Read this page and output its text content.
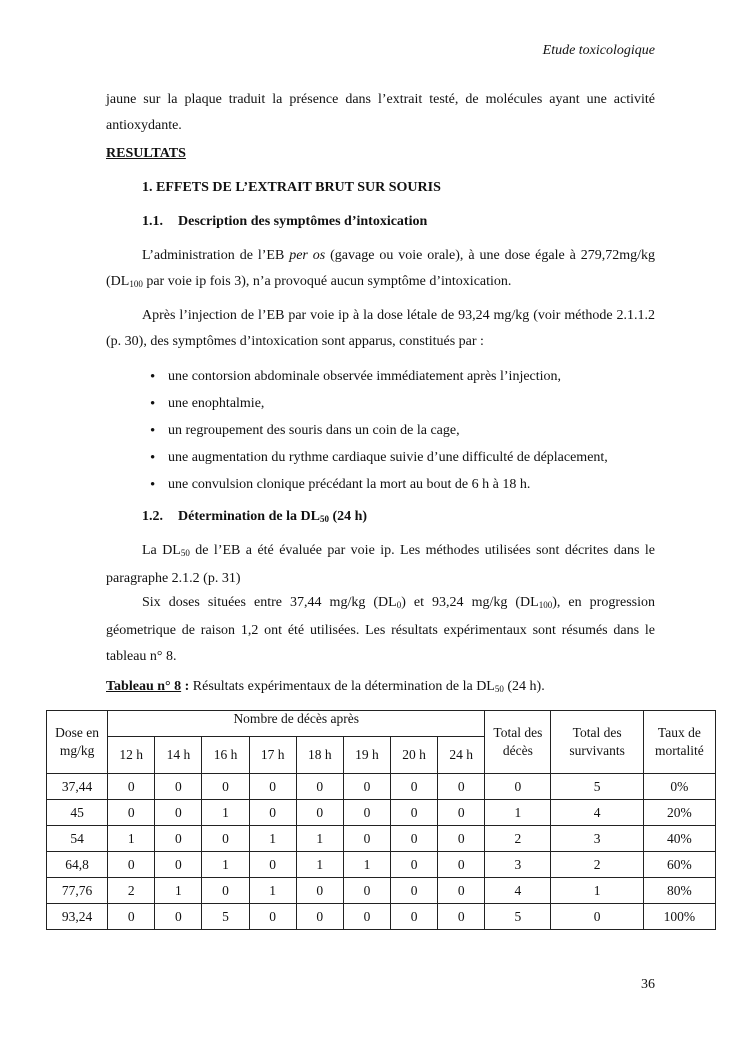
Etude toxicologique
jaune sur la plaque traduit la présence dans l’extrait testé, de molécules ayant une activité antioxydante.
RESULTATS
1. EFFETS DE L’EXTRAIT BRUT SUR SOURIS
1.1. Description des symptômes d’intoxication
L’administration de l’EB per os (gavage ou voie orale), à une dose égale à 279,72mg/kg ($DL_{100}$ par voie ip fois 3), n’a provoqué aucun symptôme d’intoxication.
Après l’injection de l’EB par voie ip à la dose létale de 93,24 mg/kg (voir méthode 2.1.1.2 (p. 30), des symptômes d’intoxication sont apparus, constitués par :
• une contorsion abdominale observée immédiatement après l’injection,
• une enophtalmie,
• un regroupement des souris dans un coin de la cage,
• une augmentation du rythme cardiaque suivie d’une difficulté de déplacement,
• une convulsion clonique précédant la mort au bout de 6 h à 18 h.
1.2. Détermination de la $DL_{50}$ (24 h)
La $DL_{50}$ de l’EB a été évaluée par voie ip. Les méthodes utilisées sont décrites dans le paragraphe 2.1.2 (p. 31)
Six doses situées entre 37,44 mg/kg $(DL_0)$ et 93,24 mg/kg $(DL_{100})$, en progression géometrique de raison 1,2 ont été utilisées. Les résultats expérimentaux sont résumés dans le tableau n° 8.
Tableau n° 8 : Résultats expérimentaux de la détermination de la $DL_{50}$ (24 h).
Dose en mg/kg	Nombre de décès après								Total des décès	Total des survivants	Taux de mortalité
	12 h	14 h	16 h	17 h	18 h	19 h	20 h	24 h			
37,44	0	0	0	0	0	0	0	0	0	5	0%
45	0	0	1	0	0	0	0	0	1	4	20%
54	1	0	0	1	1	0	0	0	2	3	40%
64,8	0	0	1	0	1	1	0	0	3	2	60%
77,76	2	1	0	1	0	0	0	0	4	1	80%
93,24	0	0	5	0	0	0	0	0	5	0	100%
36
